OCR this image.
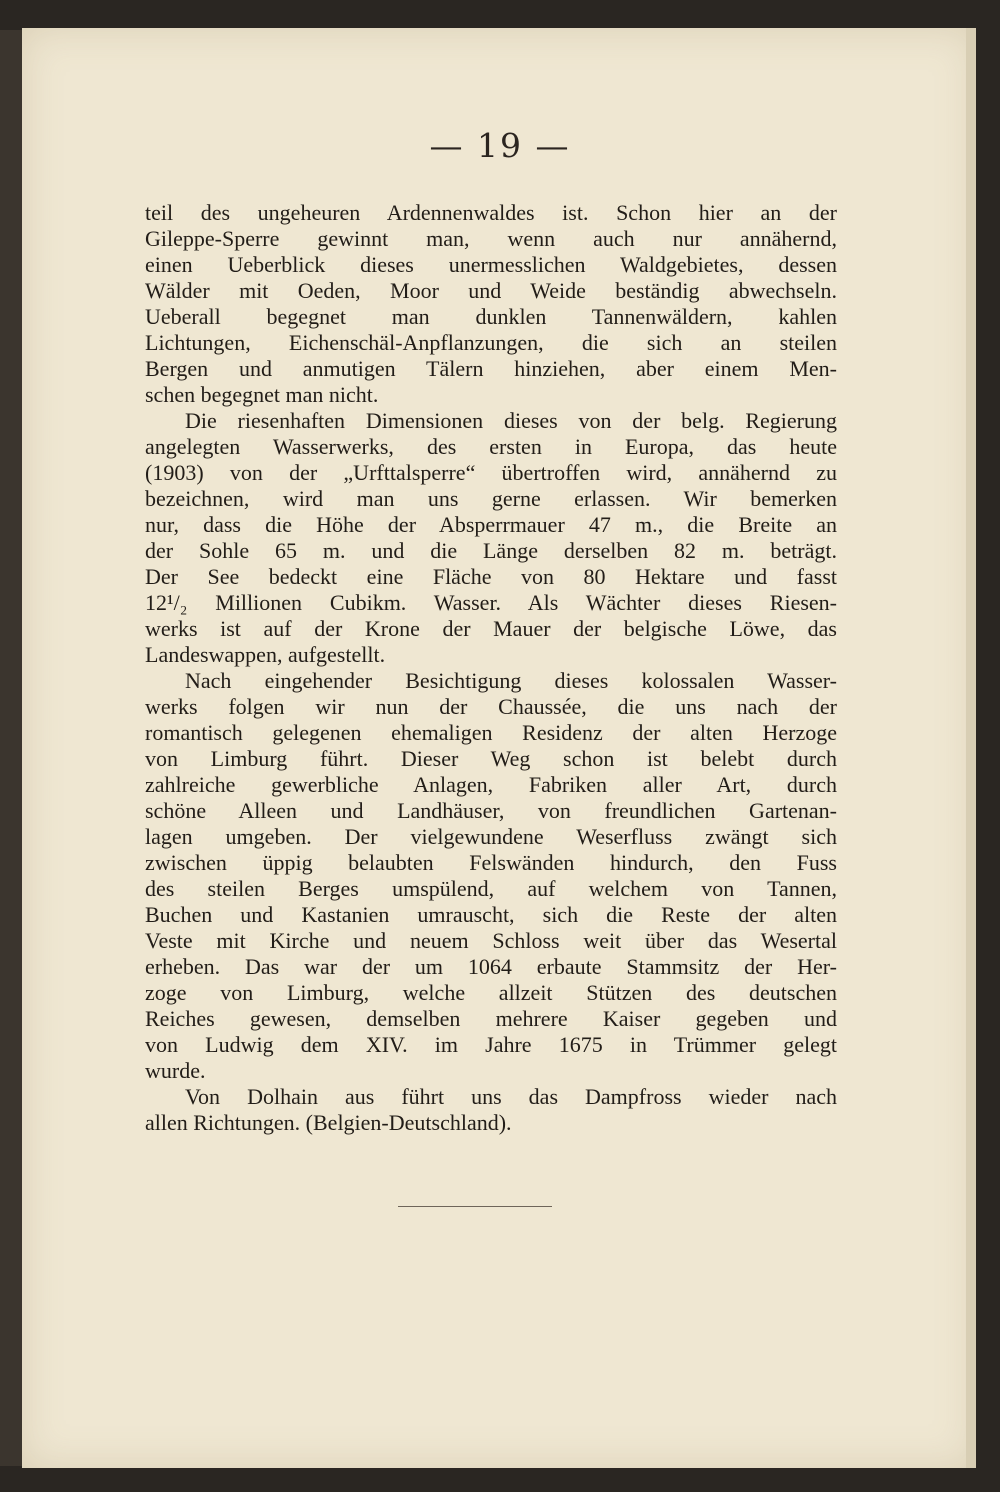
— 19 —
teil des ungeheuren Ardennenwaldes ist. Schon hier an der
Gileppe-Sperre gewinnt man, wenn auch nur annähernd,
einen Ueberblick dieses unermesslichen Waldgebietes, dessen
Wälder mit Oeden, Moor und Weide beständig abwechseln.
Ueberall begegnet man dunklen Tannenwäldern, kahlen
Lichtungen, Eichenschäl-Anpflanzungen, die sich an steilen
Bergen und anmutigen Tälern hinziehen, aber einem Men-
schen begegnet man nicht.
Die riesenhaften Dimensionen dieses von der belg. Regierung
angelegten Wasserwerks, des ersten in Europa, das heute
(1903) von der „Urfttalsperre“ übertroffen wird, annähernd zu
bezeichnen, wird man uns gerne erlassen. Wir bemerken
nur, dass die Höhe der Absperrmauer 47 m., die Breite an
der Sohle 65 m. und die Länge derselben 82 m. beträgt.
Der See bedeckt eine Fläche von 80 Hektare und fasst
12¹/₂ Millionen Cubikm. Wasser. Als Wächter dieses Riesen-
werks ist auf der Krone der Mauer der belgische Löwe, das
Landeswappen, aufgestellt.
Nach eingehender Besichtigung dieses kolossalen Wasser-
werks folgen wir nun der Chaussée, die uns nach der
romantisch gelegenen ehemaligen Residenz der alten Herzoge
von Limburg führt. Dieser Weg schon ist belebt durch
zahlreiche gewerbliche Anlagen, Fabriken aller Art, durch
schöne Alleen und Landhäuser, von freundlichen Gartenan-
lagen umgeben. Der vielgewundene Weserfluss zwängt sich
zwischen üppig belaubten Felswänden hindurch, den Fuss
des steilen Berges umspülend, auf welchem von Tannen,
Buchen und Kastanien umrauscht, sich die Reste der alten
Veste mit Kirche und neuem Schloss weit über das Wesertal
erheben. Das war der um 1064 erbaute Stammsitz der Her-
zoge von Limburg, welche allzeit Stützen des deutschen
Reiches gewesen, demselben mehrere Kaiser gegeben und
von Ludwig dem XIV. im Jahre 1675 in Trümmer gelegt
wurde.
Von Dolhain aus führt uns das Dampfross wieder nach
allen Richtungen. (Belgien-Deutschland).
